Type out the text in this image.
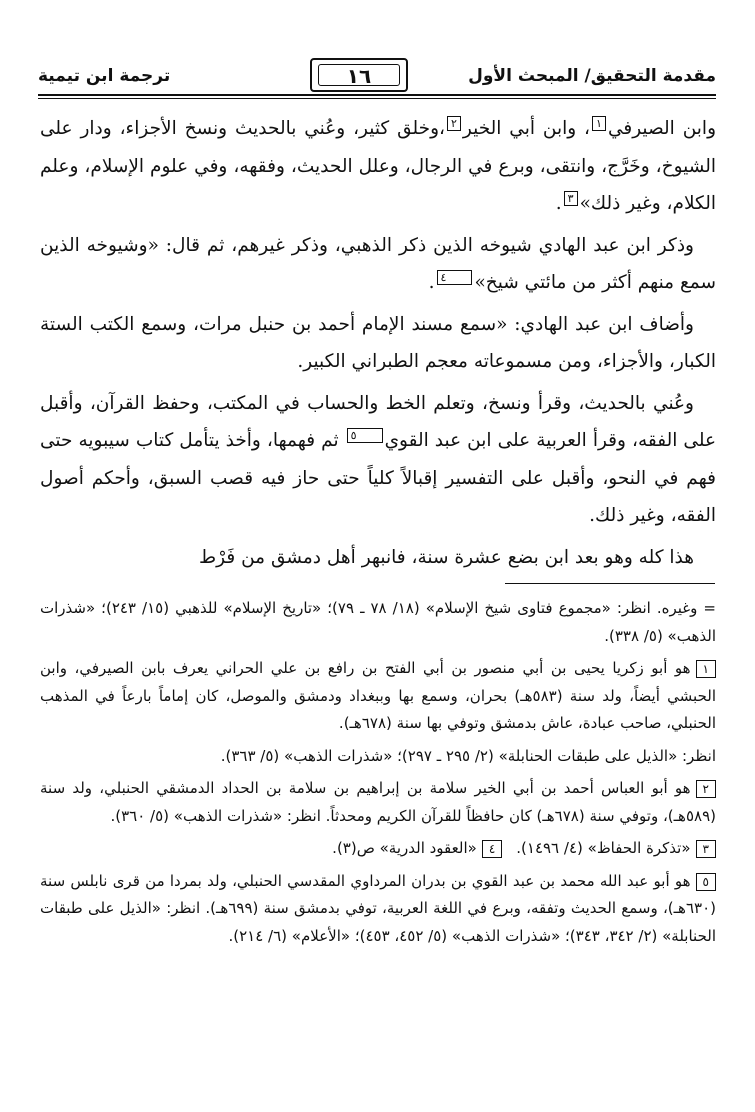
مقدمة التحقيق/ المبحث الأول
١٦
ترجمة ابن تيمية

وابن الصيرفي١، وابن أبي الخير٢،وخلق كثير، وعُني بالحديث ونسخ الأجزاء، ودار على الشيوخ، وخَرَّج، وانتقى، وبرع في الرجال، وعلل الحديث، وفقهه، وفي علوم الإسلام، وعلم الكلام، وغير ذلك»٣.

وذكر ابن عبد الهادي شيوخه الذين ذكر الذهبي، وذكر غيرهم، ثم قال: «وشيوخه الذين سمع منهم أكثر من مائتي شيخ»٤.

وأضاف ابن عبد الهادي: «سمع مسند الإمام أحمد بن حنبل مرات، وسمع الكتب الستة الكبار، والأجزاء، ومن مسموعاته معجم الطبراني الكبير.

وعُني بالحديث، وقرأ ونسخ، وتعلم الخط والحساب في المكتب، وحفظ القرآن، وأقبل على الفقه، وقرأ العربية على ابن عبد القوي٥ ثم فهمها، وأخذ يتأمل كتاب سيبويه حتى فهم في النحو، وأقبل على التفسير إقبالاً كلياً حتى حاز فيه قصب السبق، وأحكم أصول الفقه، وغير ذلك.

هذا كله وهو بعد ابن بضع عشرة سنة، فانبهر أهل دمشق من فَرْط

= وغيره. انظر: «مجموع فتاوى شيخ الإسلام» (١٨/ ٧٨ ـ ٧٩)؛ «تاريخ الإسلام» للذهبي (١٥/ ٢٤٣)؛ «شذرات الذهب» (٥/ ٣٣٨).

١هو أبو زكريا يحيى بن أبي منصور بن أبي الفتح بن رافع بن علي الحراني يعرف بابن الصيرفي، وابن الحبشي أيضاً، ولد سنة (٥٨٣هـ) بحران، وسمع بها وببغداد ودمشق والموصل، كان إماماً بارعاً في المذهب الحنبلي، صاحب عبادة، عاش بدمشق وتوفي بها سنة (٦٧٨هـ).

انظر: «الذيل على طبقات الحنابلة» (٢/ ٢٩٥ ـ ٢٩٧)؛ «شذرات الذهب» (٥/ ٣٦٣).

٢هو أبو العباس أحمد بن أبي الخير سلامة بن إبراهيم بن سلامة بن الحداد الدمشقي الحنبلي، ولد سنة (٥٨٩هـ)، وتوفي سنة (٦٧٨هـ) كان حافظاً للقرآن الكريم ومحدثاً. انظر: «شذرات الذهب» (٥/ ٣٦٠).

٣«تذكرة الحفاظ» (٤/ ١٤٩٦).٤«العقود الدرية» ص(٣).

٥هو أبو عبد الله محمد بن عبد القوي بن بدران المرداوي المقدسي الحنبلي، ولد بمردا من قرى نابلس سنة (٦٣٠هـ)، وسمع الحديث وتفقه، وبرع في اللغة العربية، توفي بدمشق سنة (٦٩٩هـ). انظر: «الذيل على طبقات الحنابلة» (٢/ ٣٤٢، ٣٤٣)؛ «شذرات الذهب» (٥/ ٤٥٢، ٤٥٣)؛ «الأعلام» (٦/ ٢١٤).
